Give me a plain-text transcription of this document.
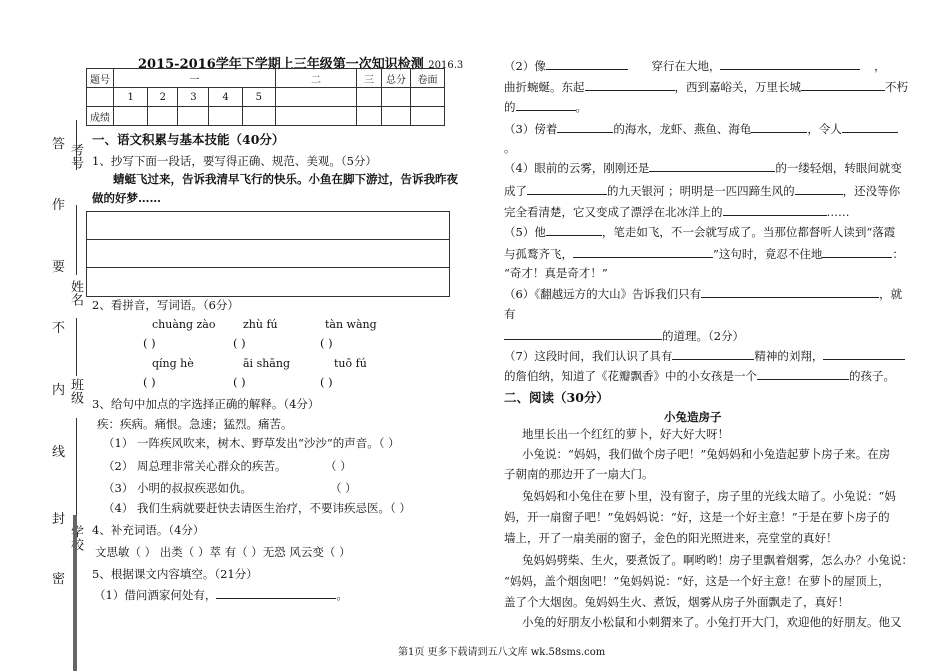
考号
姓名
班级
答
作
要
不
内
线
封
密
2015-2016学年下学期上三年级第一次知识检测 2016.3
题号	一					二	三	总分	卷面
	1	2	3	4	5				
成绩									
一、语文积累与基本技能（40分）
1、抄写下面一段话，要写得正确、规范、美观。（5分）
蜻蜓飞过来，告诉我清早飞行的快乐。小鱼在脚下游过，告诉我昨夜
做的好梦……
2、看拼音，写词语。（6分）
chuàng zào	zhù fú	tàn wàng
( )	( )	( )
qíng hè	āi shāng	tuō fú
( )	( )	( )
3、给句中加点的字选择正确的解释。（4分）
疾：疾病。痛恨。急速；猛烈。痛苦。
（1） 一阵疾风吹来，树木、野草发出“沙沙”的声音。（ ）
（2） 周总理非常关心群众的疾苦。	（ ）
（3） 小明的叔叔疾恶如仇。	（ ）
（4） 我们生病就要赶快去请医生治疗，不要讳疾忌医。（ ）
4、补充词语。（4分）
文思敏（ ） 出类（ ）萃 有（ ）无恐 风云变（ ）
5、根据课文内容填空。（21分）
（1）借问酒家何处有，	。
（2）像	穿行在大地，	，
曲折蜿蜒。东起	，西到嘉峪关，万里长城	不朽
的	。
（3）傍着	的海水，龙虾、燕鱼、海龟	，令人
。
（4）眼前的云雾，刚刚还是	的一缕轻烟，转眼间就变
成了	的九天银河 ；明明是一匹四蹄生风的	，还没等你
完全看清楚，它又变成了漂浮在北冰洋上的	……
（5）他	，笔走如飞，不一会就写成了。当那位都督听人读到“落霞
与孤鹜齐飞，	”这句时，竟忍不住地	：
“奇才！真是奇才！”
（6）《翻越远方的大山》告诉我们只有	，就
有
的道理。（2分）
（7）这段时间，我们认识了具有	精神的刘翔，
的詹伯纳，知道了《花瓣飘香》中的小女孩是一个	的孩子。
二、阅读（30分）
小兔造房子
地里长出一个红红的萝卜，好大好大呀！
小兔说：“妈妈，我们做个房子吧！”兔妈妈和小兔造起萝卜房子来。在房
子朝南的那边开了一扇大门。
兔妈妈和小兔住在萝卜里，没有窗子，房子里的光线太暗了。小兔说：“妈
妈，开一扇窗子吧！”兔妈妈说：“好，这是一个好主意！”于是在萝卜房子的
墙上，开了一扇美丽的窗子，金色的阳光照进来，亮堂堂的真好！
兔妈妈劈柴、生火，要煮饭了。啊哟哟！房子里飘着烟雾，怎么办？小兔说：
“妈妈，盖个烟囱吧！”兔妈妈说：“好，这是一个好主意！在萝卜的屋顶上，
盖了个大烟囱。兔妈妈生火、煮饭，烟雾从房子外面飘走了，真好！
小兔的好朋友小松鼠和小刺猬来了。小兔打开大门，欢迎他的好朋友。他又
第1页 更多下载请到五八文库 wk.58sms.com
